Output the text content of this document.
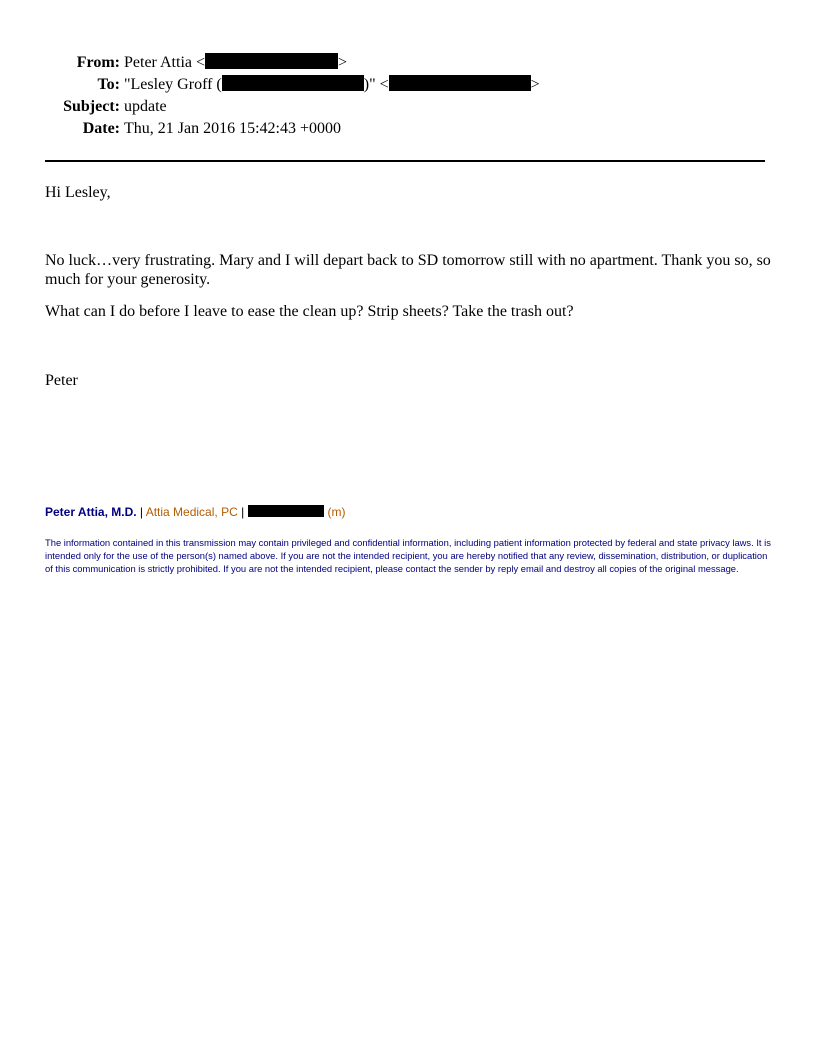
From: Peter Attia <	>
To: "Lesley Groff (	)" <	>
Subject: update
Date: Thu, 21 Jan 2016 15:42:43 +0000

Hi Lesley,

No luck…very frustrating. Mary and I will depart back to SD tomorrow still with no apartment. Thank you so, so much for your generosity.

What can I do before I leave to ease the clean up? Strip sheets? Take the trash out?

Peter

Peter Attia, M.D. | Attia Medical, PC |	(m)

The information contained in this transmission may contain privileged and confidential information, including patient information protected by federal and state privacy laws. It is intended only for the use of the person(s) named above. If you are not the intended recipient, you are hereby notified that any review, dissemination, distribution, or duplication of this communication is strictly prohibited. If you are not the intended recipient, please contact the sender by reply email and destroy all copies of the original message.
